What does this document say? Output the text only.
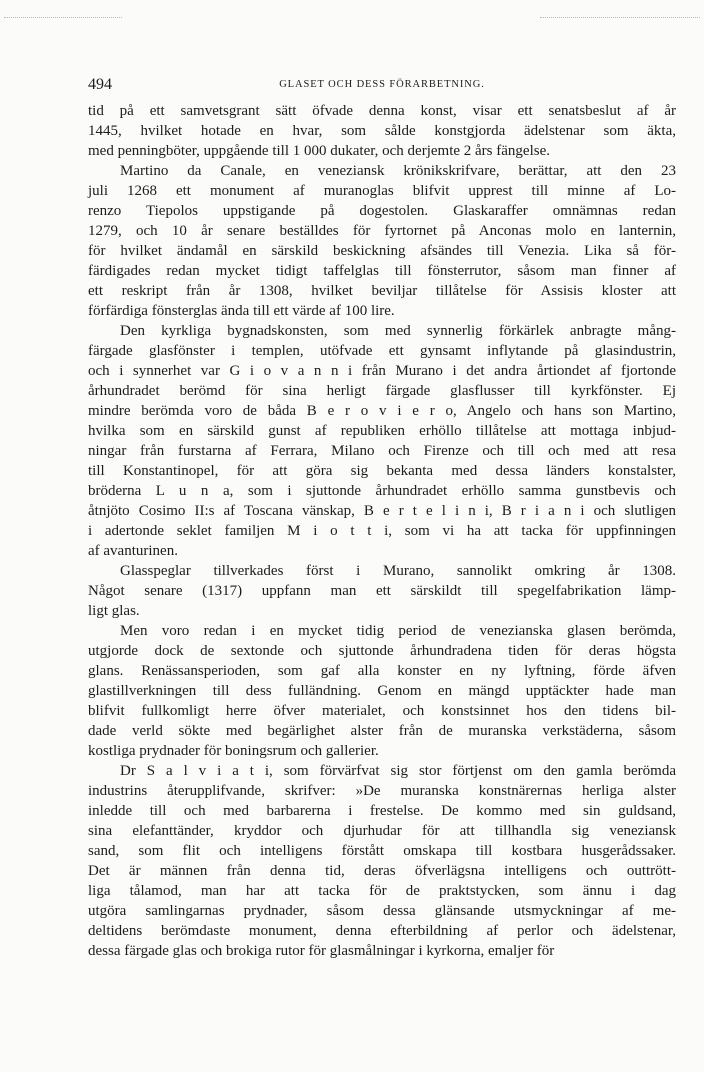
494	GLASET OCH DESS FÖRARBETNING.

tid på ett samvetsgrant sätt öfvade denna konst, visar ett senatsbeslut af år
1445, hvilket hotade en hvar, som sålde konstgjorda ädelstenar som äkta,
med penningböter, uppgående till 1 000 dukater, och derjemte 2 års fängelse.

Martino da Canale, en veneziansk krönikskrifvare, berättar, att den 23
juli 1268 ett monument af muranoglas blifvit upprest till minne af Lo-
renzo Tiepolos uppstigande på dogestolen. Glaskaraffer omnämnas redan
1279, och 10 år senare beställdes för fyrtornet på Anconas molo en lanternin,
för hvilket ändamål en särskild beskickning afsändes till Venezia. Lika så för-
färdigades redan mycket tidigt taffelglas till fönsterrutor, såsom man finner af
ett reskript från år 1308, hvilket beviljar tillåtelse för Assisis kloster att
förfärdiga fönsterglas ända till ett värde af 100 lire.

Den kyrkliga bygnadskonsten, som med synnerlig förkärlek anbragte mång-
färgade glasfönster i templen, utöfvade ett gynsamt inflytande på glasindustrin,
och i synnerhet var G i o v a n n i från Murano i det andra årtiondet af fjortonde
århundradet berömd för sina herligt färgade glasflusser till kyrkfönster. Ej
mindre berömda voro de båda B e r o v i e r o, Angelo och hans son Martino,
hvilka som en särskild gunst af republiken erhöllo tillåtelse att mottaga inbjud-
ningar från furstarna af Ferrara, Milano och Firenze och till och med att resa
till Konstantinopel, för att göra sig bekanta med dessa länders konstalster,
bröderna L u n a, som i sjuttonde århundradet erhöllo samma gunstbevis och
åtnjöto Cosimo II:s af Toscana vänskap, B e r t e l i n i, B r i a n i och slutligen
i adertonde seklet familjen M i o t t i, som vi ha att tacka för uppfinningen
af avanturinen.

Glasspeglar tillverkades först i Murano, sannolikt omkring år 1308.
Något senare (1317) uppfann man ett särskildt till spegelfabrikation lämp-
ligt glas.

Men voro redan i en mycket tidig period de venezianska glasen berömda,
utgjorde dock de sextonde och sjuttonde århundradena tiden för deras högsta
glans. Renässansperioden, som gaf alla konster en ny lyftning, förde äfven
glastillverkningen till dess fulländning. Genom en mängd upptäckter hade man
blifvit fullkomligt herre öfver materialet, och konstsinnet hos den tidens bil-
dade verld sökte med begärlighet alster från de muranska verkstäderna, såsom
kostliga prydnader för boningsrum och gallerier.

Dr S a l v i a t i, som förvärfvat sig stor förtjenst om den gamla berömda
industrins återupplifvande, skrifver: »De muranska konstnärernas herliga alster
inledde till och med barbarerna i frestelse. De kommo med sin guldsand,
sina elefanttänder, kryddor och djurhudar för att tillhandla sig veneziansk
sand, som flit och intelligens förstått omskapa till kostbara husgerådssaker.
Det är männen från denna tid, deras öfverlägsna intelligens och outtrött-
liga tålamod, man har att tacka för de praktstycken, som ännu i dag
utgöra samlingarnas prydnader, såsom dessa glänsande utsmyckningar af me-
deltidens berömdaste monument, denna efterbildning af perlor och ädelstenar,
dessa färgade glas och brokiga rutor för glasmålningar i kyrkorna, emaljer för
